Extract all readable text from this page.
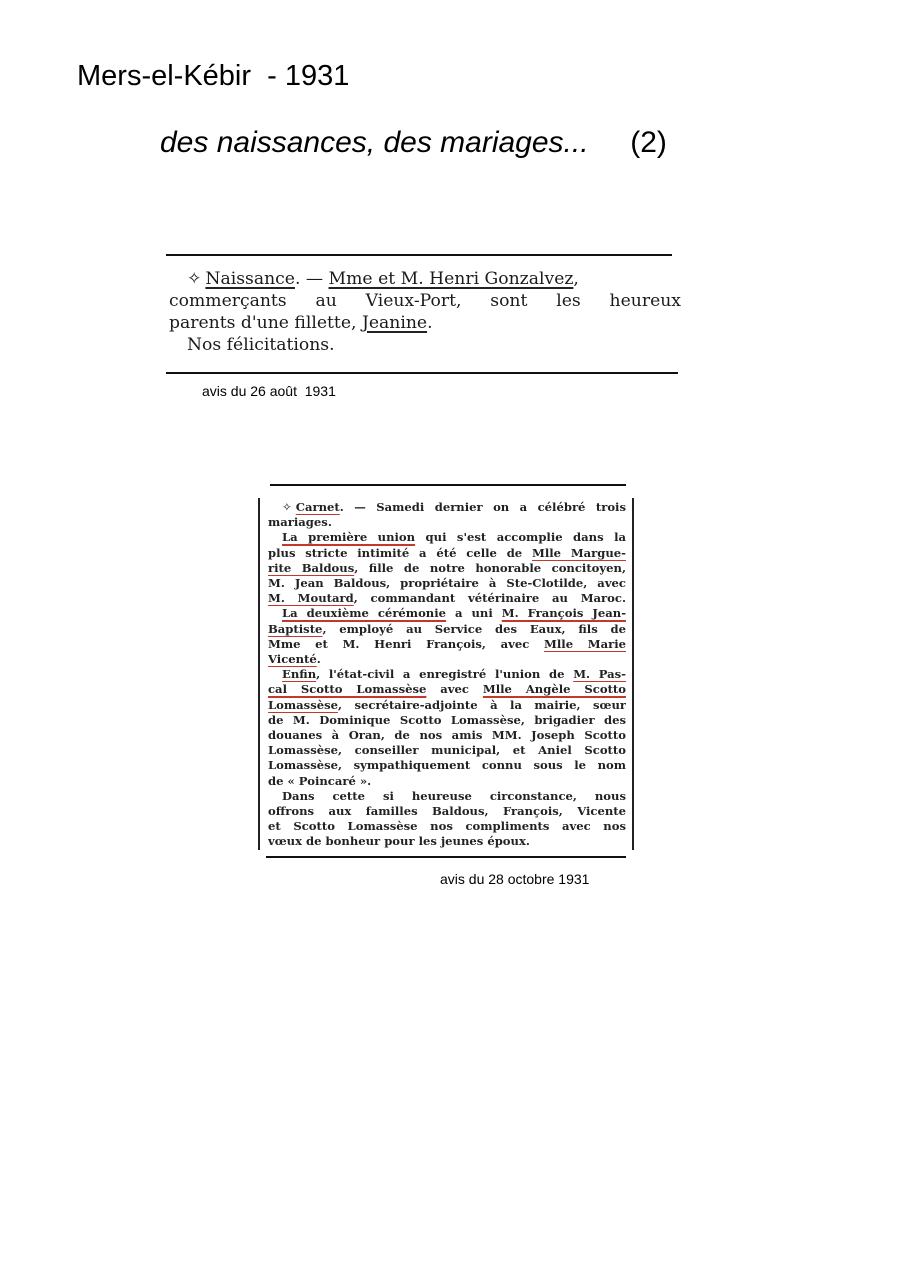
Mers-el-Kébir  - 1931
des naissances, des mariages... (2)
✧ Naissance. — Mme et M. Henri Gonzalvez,
commerçants au Vieux-Port, sont les heureux
parents d'une fillette, Jeanine.
Nos félicitations.
avis du 26 août  1931
✧ Carnet. — Samedi dernier on a célébré trois
mariages.
La première union qui s'est accomplie dans la
plus stricte intimité a été celle de Mlle Margue-
rite Baldous, fille de notre honorable concitoyen,
M. Jean Baldous, propriétaire à Ste-Clotilde, avec
M. Moutard, commandant vétérinaire au Maroc.
La deuxième cérémonie a uni M. François Jean-
Baptiste, employé au Service des Eaux, fils de
Mme et M. Henri François, avec Mlle Marie
Vicenté.
Enfin, l'état-civil a enregistré l'union de M. Pas-
cal Scotto Lomassèse avec Mlle Angèle Scotto
Lomassèse, secrétaire-adjointe à la mairie, sœur
de M. Dominique Scotto Lomassèse, brigadier des
douanes à Oran, de nos amis MM. Joseph Scotto
Lomassèse, conseiller municipal, et Aniel Scotto
Lomassèse, sympathiquement connu sous le nom
de « Poincaré ».
Dans cette si heureuse circonstance, nous
offrons aux familles Baldous, François, Vicente
et Scotto Lomassèse nos compliments avec nos
vœux de bonheur pour les jeunes époux.
avis du 28 octobre 1931
